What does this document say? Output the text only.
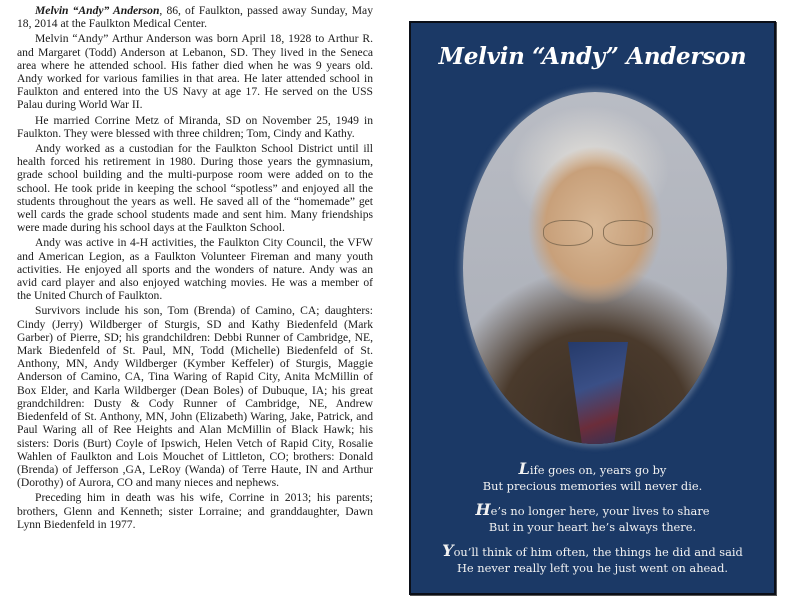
Melvin “Andy” Anderson, 86, of Faulkton, passed away Sunday, May 18, 2014 at the Faulkton Medical Center.

Melvin “Andy” Arthur Anderson was born April 18, 1928 to Arthur R. and Margaret (Todd) Anderson at Lebanon, SD. They lived in the Seneca area where he attended school. His father died when he was 9 years old. Andy worked for various families in that area. He later attended school in Faulkton and entered into the US Navy at age 17. He served on the USS Palau during World War II.

He married Corrine Metz of Miranda, SD on November 25, 1949 in Faulkton. They were blessed with three children; Tom, Cindy and Kathy.

Andy worked as a custodian for the Faulkton School District until ill health forced his retirement in 1980. During those years the gymnasium, grade school building and the multi-purpose room were added on to the school. He took pride in keeping the school “spotless” and enjoyed all the students throughout the years as well. He saved all of the “homemade” get well cards the grade school students made and sent him. Many friendships were made during his school days at the Faulkton School.

Andy was active in 4-H activities, the Faulkton City Council, the VFW and American Legion, as a Faulkton Volunteer Fireman and many youth activities. He enjoyed all sports and the wonders of nature. Andy was an avid card player and also enjoyed watching movies. He was a member of the United Church of Faulkton.

Survivors include his son, Tom (Brenda) of Camino, CA; daughters: Cindy (Jerry) Wildberger of Sturgis, SD and Kathy Biedenfeld (Mark Garber) of Pierre, SD; his grandchildren: Debbi Runner of Cambridge, NE, Mark Biedenfeld of St. Paul, MN, Todd (Michelle) Biedenfeld of St. Anthony, MN, Andy Wildberger (Kymber Keffeler) of Sturgis, Maggie Anderson of Camino, CA, Tina Waring of Rapid City, Anita McMillin of Box Elder, and Karla Wildberger (Dean Boles) of Dubuque, IA; his great grandchildren: Dusty & Cody Runner of Cambridge, NE, Andrew Biedenfeld of St. Anthony, MN, John (Elizabeth) Waring, Jake, Patrick, and Paul Waring all of Ree Heights and Alan McMillin of Black Hawk; his sisters: Doris (Burt) Coyle of Ipswich, Helen Vetch of Rapid City, Rosalie Wahlen of Faulkton and Lois Mouchet of Littleton, CO; brothers: Donald (Brenda) of Jefferson ,GA, LeRoy (Wanda) of Terre Haute, IN and Arthur (Dorothy) of Aurora, CO and many nieces and nephews.

Preceding him in death was his wife, Corrine in 2013; his parents; brothers, Glenn and Kenneth; sister Lorraine; and granddaughter, Dawn Lynn Biedenfeld in 1977.

Melvin “Andy” Anderson
Life goes on, years go by
But precious memories will never die.
He’s no longer here, your lives to share
But in your heart he’s always there.
You’ll think of him often, the things he did and said
He never really left you he just went on ahead.
